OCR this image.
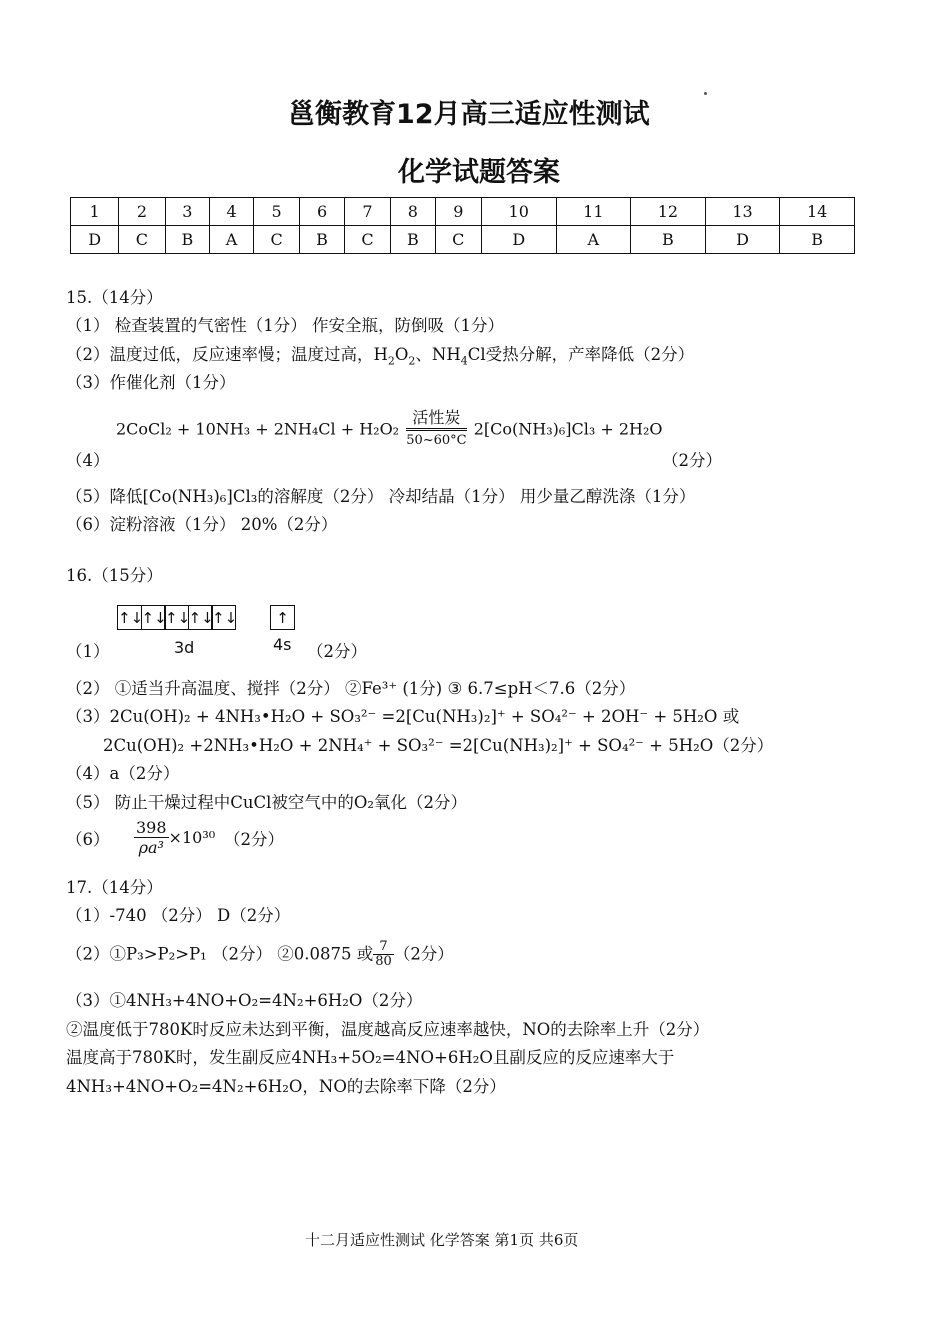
邕衡教育12月高三适应性测试
化学试题答案
1	2	3	4	5	6	7	8	9	10	11	12	13	14
D	C	B	A	C	B	C	B	C	D	A	B	D	B
15.（14分）
（1） 检查装置的气密性（1分） 作安全瓶，防倒吸（1分）
（2）温度过低，反应速率慢；温度过高，$H_2O_2$、$NH_4Cl$受热分解，产率降低（2分）
（3）作催化剂（1分）
（4）
2CoCl₂ + $10NH_3 + 2NH_4Cl + H_2O_2 \frac{\text{活性炭}}{50\sim 60^\circ C} 2[Co(NH_3)_6]Cl_3 + 2H_2O$
（2分）
（5）降低[Co(NH₃)₆]Cl₃的溶解度（2分） 冷却结晶（1分） 用少量乙醇洗涤（1分）
（6）淀粉溶液（1分） 20%（2分）
16.（15分）
↑↓↑↓↑↓↑↓↑↓	↑
3d	4s
（1）	（2分）
（2） ①适当升高温度、搅拌（2分） ②Fe³⁺ (1分) ③ 6.7≤pH＜7.6（2分）
（3）2Cu(OH)₂ + 4NH₃•H₂O + SO₃²⁻ =2[Cu(NH₃)₂]⁺ + SO₄²⁻ + 2OH⁻ + 5H₂O 或
2Cu(OH)₂ +2NH₃•H₂O + 2NH₄⁺ + SO₃²⁻ =2[Cu(NH₃)₂]⁺ + SO₄²⁻ + 5H₂O（2分）
（4）a（2分）
（5） 防止干燥过程中CuCl被空气中的O₂氧化（2分）
$(6) \frac{398}{\text{ρa³}} \times 10^{30}$ （2分）
17.（14分）
（1）-740 （2分） D（2分）
（2）①P₃>P₂>P₁ （2分） ②0.0875 或 $\frac{7}{80} (2$分）
（3）①4NH₃+4NO+O₂=4N₂+6H₂O（2分）
②温度低于780K时反应未达到平衡，温度越高反应速率越快，NO的去除率上升（2分）
温度高于780K时，发生副反应4NH₃+5O₂=4NO+6H₂O且副反应的反应速率大于
4NH₃+4NO+O₂=4N₂+6H₂O，NO的去除率下降（2分）
十二月适应性测试 化学答案 第1页 共6页
